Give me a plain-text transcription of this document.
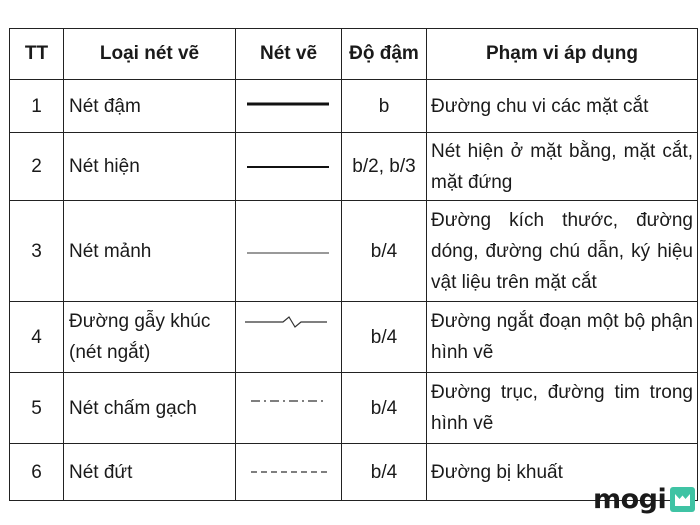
TT	Loại nét vẽ	Nét vẽ	Độ đậm	Phạm vi áp dụng
1	Nét đậm		b	Đường chu vi các mặt cắt
2	Nét hiện		b/2, b/3	Nét hiện ở mặt bằng, mặt cắt, mặt đứng
3	Nét mảnh		b/4	Đường kích thước, đường dóng, đường chú dẫn, ký hiệu vật liệu trên mặt cắt
4	Đường gẫy khúc (nét ngắt)		b/4	Đường ngắt đoạn một bộ phận hình vẽ
5	Nét chấm gạch		b/4	Đường trục, đường tim trong hình vẽ
6	Nét đứt		b/4	Đường bị khuất
mogi
